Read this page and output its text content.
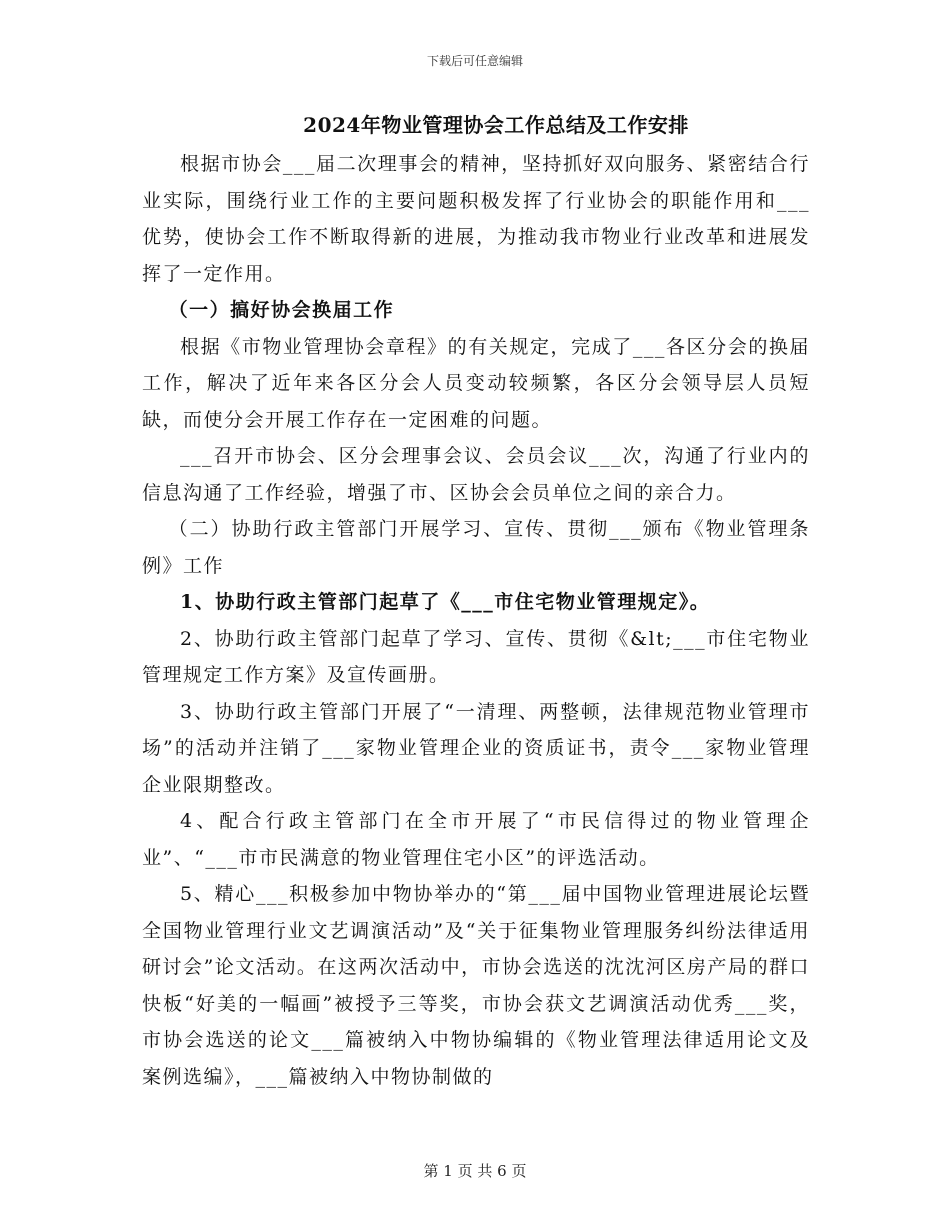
下载后可任意编辑
2024年物业管理协会工作总结及工作安排

根据市协会___届二次理事会的精神，坚持抓好双向服务、紧密结合行业实际，围绕行业工作的主要问题积极发挥了行业协会的职能作用和___优势，使协会工作不断取得新的进展，为推动我市物业行业改革和进展发挥了一定作用。

（一）搞好协会换届工作

根据《市物业管理协会章程》的有关规定，完成了___各区分会的换届工作，解决了近年来各区分会人员变动较频繁，各区分会领导层人员短缺，而使分会开展工作存在一定困难的问题。

___召开市协会、区分会理事会议、会员会议___次，沟通了行业内的信息沟通了工作经验，增强了市、区协会会员单位之间的亲合力。

（二）协助行政主管部门开展学习、宣传、贯彻___颁布《物业管理条例》工作

1、协助行政主管部门起草了《___市住宅物业管理规定》。

2、协助行政主管部门起草了学习、宣传、贯彻《&lt;___市住宅物业管理规定工作方案》及宣传画册。

3、协助行政主管部门开展了“一清理、两整顿，法律规范物业管理市场”的活动并注销了___家物业管理企业的资质证书，责令___家物业管理企业限期整改。

4、配合行政主管部门在全市开展了“市民信得过的物业管理企业”、“___市市民满意的物业管理住宅小区”的评选活动。

5、精心___积极参加中物协举办的“第___届中国物业管理进展论坛暨全国物业管理行业文艺调演活动”及“关于征集物业管理服务纠纷法律适用研讨会”论文活动。在这两次活动中，市协会选送的沈沈河区房产局的群口快板“好美的一幅画”被授予三等奖，市协会获文艺调演活动优秀___奖，市协会选送的论文___篇被纳入中物协编辑的《物业管理法律适用论文及案例选编》，___篇被纳入中物协制做的

第 1 页 共 6 页
